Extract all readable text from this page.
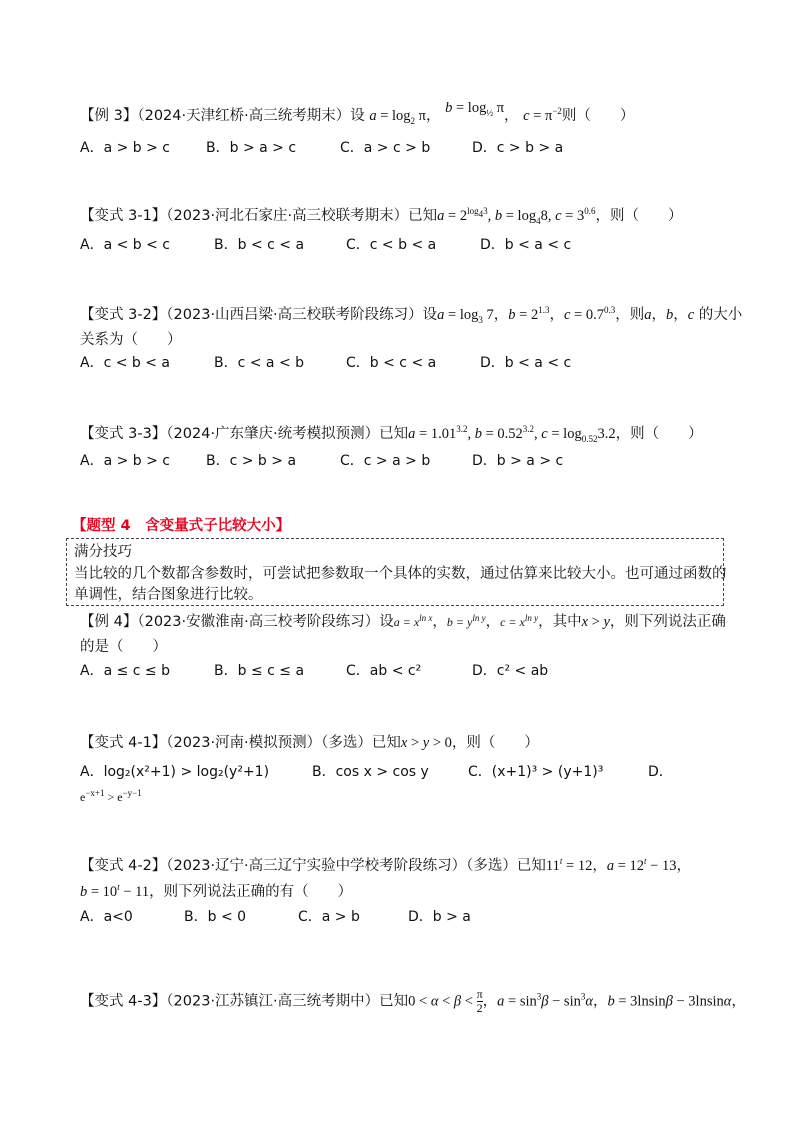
【例 3】（2024·天津红桥·高三统考期末）设 $a = \log_2 \pi$， $b = \log_{\frac{1}{2}} \pi$， $c = \pi^{-2}$则（　　）
A．a > b > c	B．b > a > c	C．a > c > b	D．c > b > a
【变式 3-1】（2023·河北石家庄·高三校联考期末）已知$a = 2^{log_43}$, $b = \log_48$, $c = 3^{0.6}$，则（　　）
A．a < b < c	B．b < c < a	C．c < b < a	D．b < a < c
【变式 3-2】（2023·山西吕梁·高三校联考阶段练习）设$a = \log_3 7$，$b = 2^{1.3}$，$c = 0.7^{0.3}$，则a，b，c 的大小
关系为（　　）
A．c < b < a	B．c < a < b	C．b < c < a	D．b < a < c
【变式 3-3】（2024·广东肇庆·统考模拟预测）已知$a = 1.01^{3.2}$, $b = 0.52^{3.2}$, $c = \log_{0.52}3.2$，则（　　）
A．a > b > c	B．c > b > a	C．c > a > b	D．b > a > c
【题型 4　含变量式子比较大小】
满分技巧
当比较的几个数都含参数时，可尝试把参数取一个具体的实数，通过估算来比较大小。也可通过函数的
单调性，结合图象进行比较。
【例 4】（2023·安徽淮南·高三校考阶段练习）设$a = x^{ln x}$，$b = y^{ln y}$，$c = x^{ln y}$，其中x > y，则下列说法正确
的是（　　）
A．a ≤ c ≤ b	B．b ≤ c ≤ a	C．ab < c²	D．c² < ab
【变式 4-1】（2023·河南·模拟预测）（多选）已知x > y > 0，则（　　）
A．log₂(x²+1) > log₂(y²+1)	B．cos x > cos y	C．(x+1)³ > (y+1)³	D．
$e^{-x+1} > e^{-y-1}$
【变式 4-2】（2023·辽宁·高三辽宁实验中学校考阶段练习）（多选）已知$11^t = 12$，$a = 12^t - 13$，
$b = 10^t - 11$，则下列说法正确的有（　　）
A．a<0	B．b < 0	C．a > b	D．b > a
【变式 4-3】（2023·江苏镇江·高三统考期中）已知$0 < \alpha < \beta < \frac{\pi}{2}$ ，$a = \sin^3\beta - \sin^3\alpha$，b = 3lnsinβ − 3lnsinα，
